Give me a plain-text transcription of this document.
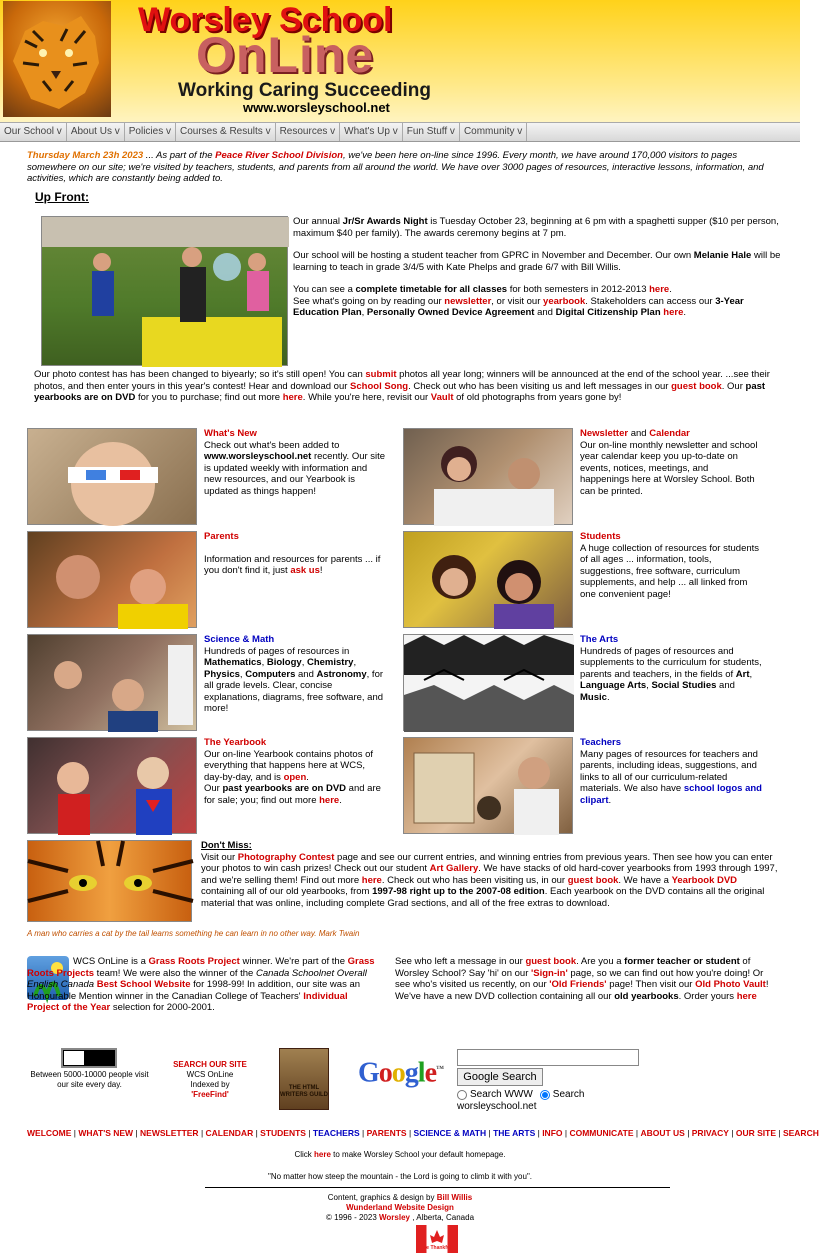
Worsley School
OnLine
Working Caring Succeeding
www.worsleyschool.net
Our School v About Us v Policies v Courses & Results v Resources v What's Up v Fun Stuff v Community v
Thursday March 23h 2023 ... As part of the Peace River School Division, we've been here on-line since 1996. Every month, we have around 170,000 visitors to pages somewhere on our site; we're visited by teachers, students, and parents from all around the world. We have over 3000 pages of resources, interactive lessons, information, and activities, which are constantly being added to.
Up Front:

Our annual Jr/Sr Awards Night is Tuesday October 23, beginning at 6 pm with a spaghetti supper ($10 per person, maximum $40 per family). The awards ceremony begins at 7 pm.

Our school will be hosting a student teacher from GPRC in November and December. Our own Melanie Hale will be learning to teach in grade 3/4/5 with Kate Phelps and grade 6/7 with Bill Willis.

You can see a complete timetable for all classes for both semesters in 2012-2013 here.

See what's going on by reading our newsletter, or visit our yearbook. Stakeholders can access our 3-Year Education Plan, Personally Owned Device Agreement and Digital Citizenship Plan here.

Our photo contest has has been changed to biyearly; so it's still open! You can submit photos all year long; winners will be announced at the end of the school year. ...see their photos, and then enter yours in this year's contest! Hear and download our School Song. Check out who has been visiting us and left messages in our guest book. Our past yearbooks are on DVD for you to purchase; find out more here. While you're here, revisit our Vault of old photographs from years gone by!
What's New
Check out what's been added to www.worsleyschool.net recently. Our site is updated weekly with information and new resources, and our Yearbook is updated as things happen!
Parents
Information and resources for parents ... if you don't find it, just ask us!
Science & Math
Hundreds of pages of resources in Mathematics, Biology, Chemistry, Physics, Computers and Astronomy, for all grade levels. Clear, concise explanations, diagrams, free software, and more!
The Yearbook
Our on-line Yearbook contains photos of everything that happens here at WCS, day-by-day, and is open.
Our past yearbooks are on DVD and are for sale; you; find out more here.
Newsletter and Calendar
Our on-line monthly newsletter and school year calendar keep you up-to-date on events, notices, meetings, and happenings here at Worsley School. Both can be printed.
Students
A huge collection of resources for students of all ages ... information, tools, suggestions, free software, curriculum supplements, and help ... all linked from one convenient page!
The Arts
Hundreds of pages of resources and supplements to the curriculum for students, parents and teachers, in the fields of Art, Language Arts, Social Studies and Music.
Teachers
Many pages of resources for teachers and parents, including ideas, suggestions, and links to all of our curriculum-related materials. We also have school logos and clipart.
Don't Miss:
Visit our Photography Contest page and see our current entries, and winning entries from previous years. Then see how you can enter your photos to win cash prizes! Check out our student Art Gallery. We have stacks of old hard-cover yearbooks from 1993 through 1997, and we're selling them! Find out more here. Check out who has been visiting us, in our guest book. We have a Yearbook DVD containing all of our old yearbooks, from 1997-98 right up to the 2007-08 edition. Each yearbook on the DVD contains all the original material that was online, including complete Grad sections, and all of the free extras to download.
A man who carries a cat by the tail learns something he can learn in no other way. Mark Twain
WCS OnLine is a Grass Roots Project winner. We're part of the Grass Roots Projects team! We were also the winner of the Canada Schoolnet Overall English Canada Best School Website for 1998-99! In addition, our site was an Honourable Mention winner in the Canadian College of Teachers' Individual Project of the Year selection for 2000-2001.
See who left a message in our guest book. Are you a former teacher or student of Worsley School? Say 'hi' on our 'Sign-in' page, so we can find out how you're doing! Or see who's visited us recently, on our 'Old Friends' page! Then visit our Old Photo Vault! We've have a new DVD collection containing all our old yearbooks. Order yours here
Between 5000-10000 people visit our site every day.
SEARCH OUR SITE
WCS OnLine
Indexed by
'FreeFind'
THE HTML WRITERS GUILD
Google™
Google Search
Search WWW Search
worsleyschool.net
WELCOME | WHAT'S NEW | NEWSLETTER | CALENDAR | STUDENTS | TEACHERS | PARENTS | SCIENCE & MATH | THE ARTS | INFO | COMMUNICATE | ABOUT US | PRIVACY | OUR SITE | SEARCH
Click here to make Worsley School your default homepage.
"No matter how steep the mountain - the Lord is going to climb it with you".
Content, graphics & design by Bill Willis
Wunderland Website Design
© 1996 - 2023 Worsley , Alberta, Canada
Be Thankful
